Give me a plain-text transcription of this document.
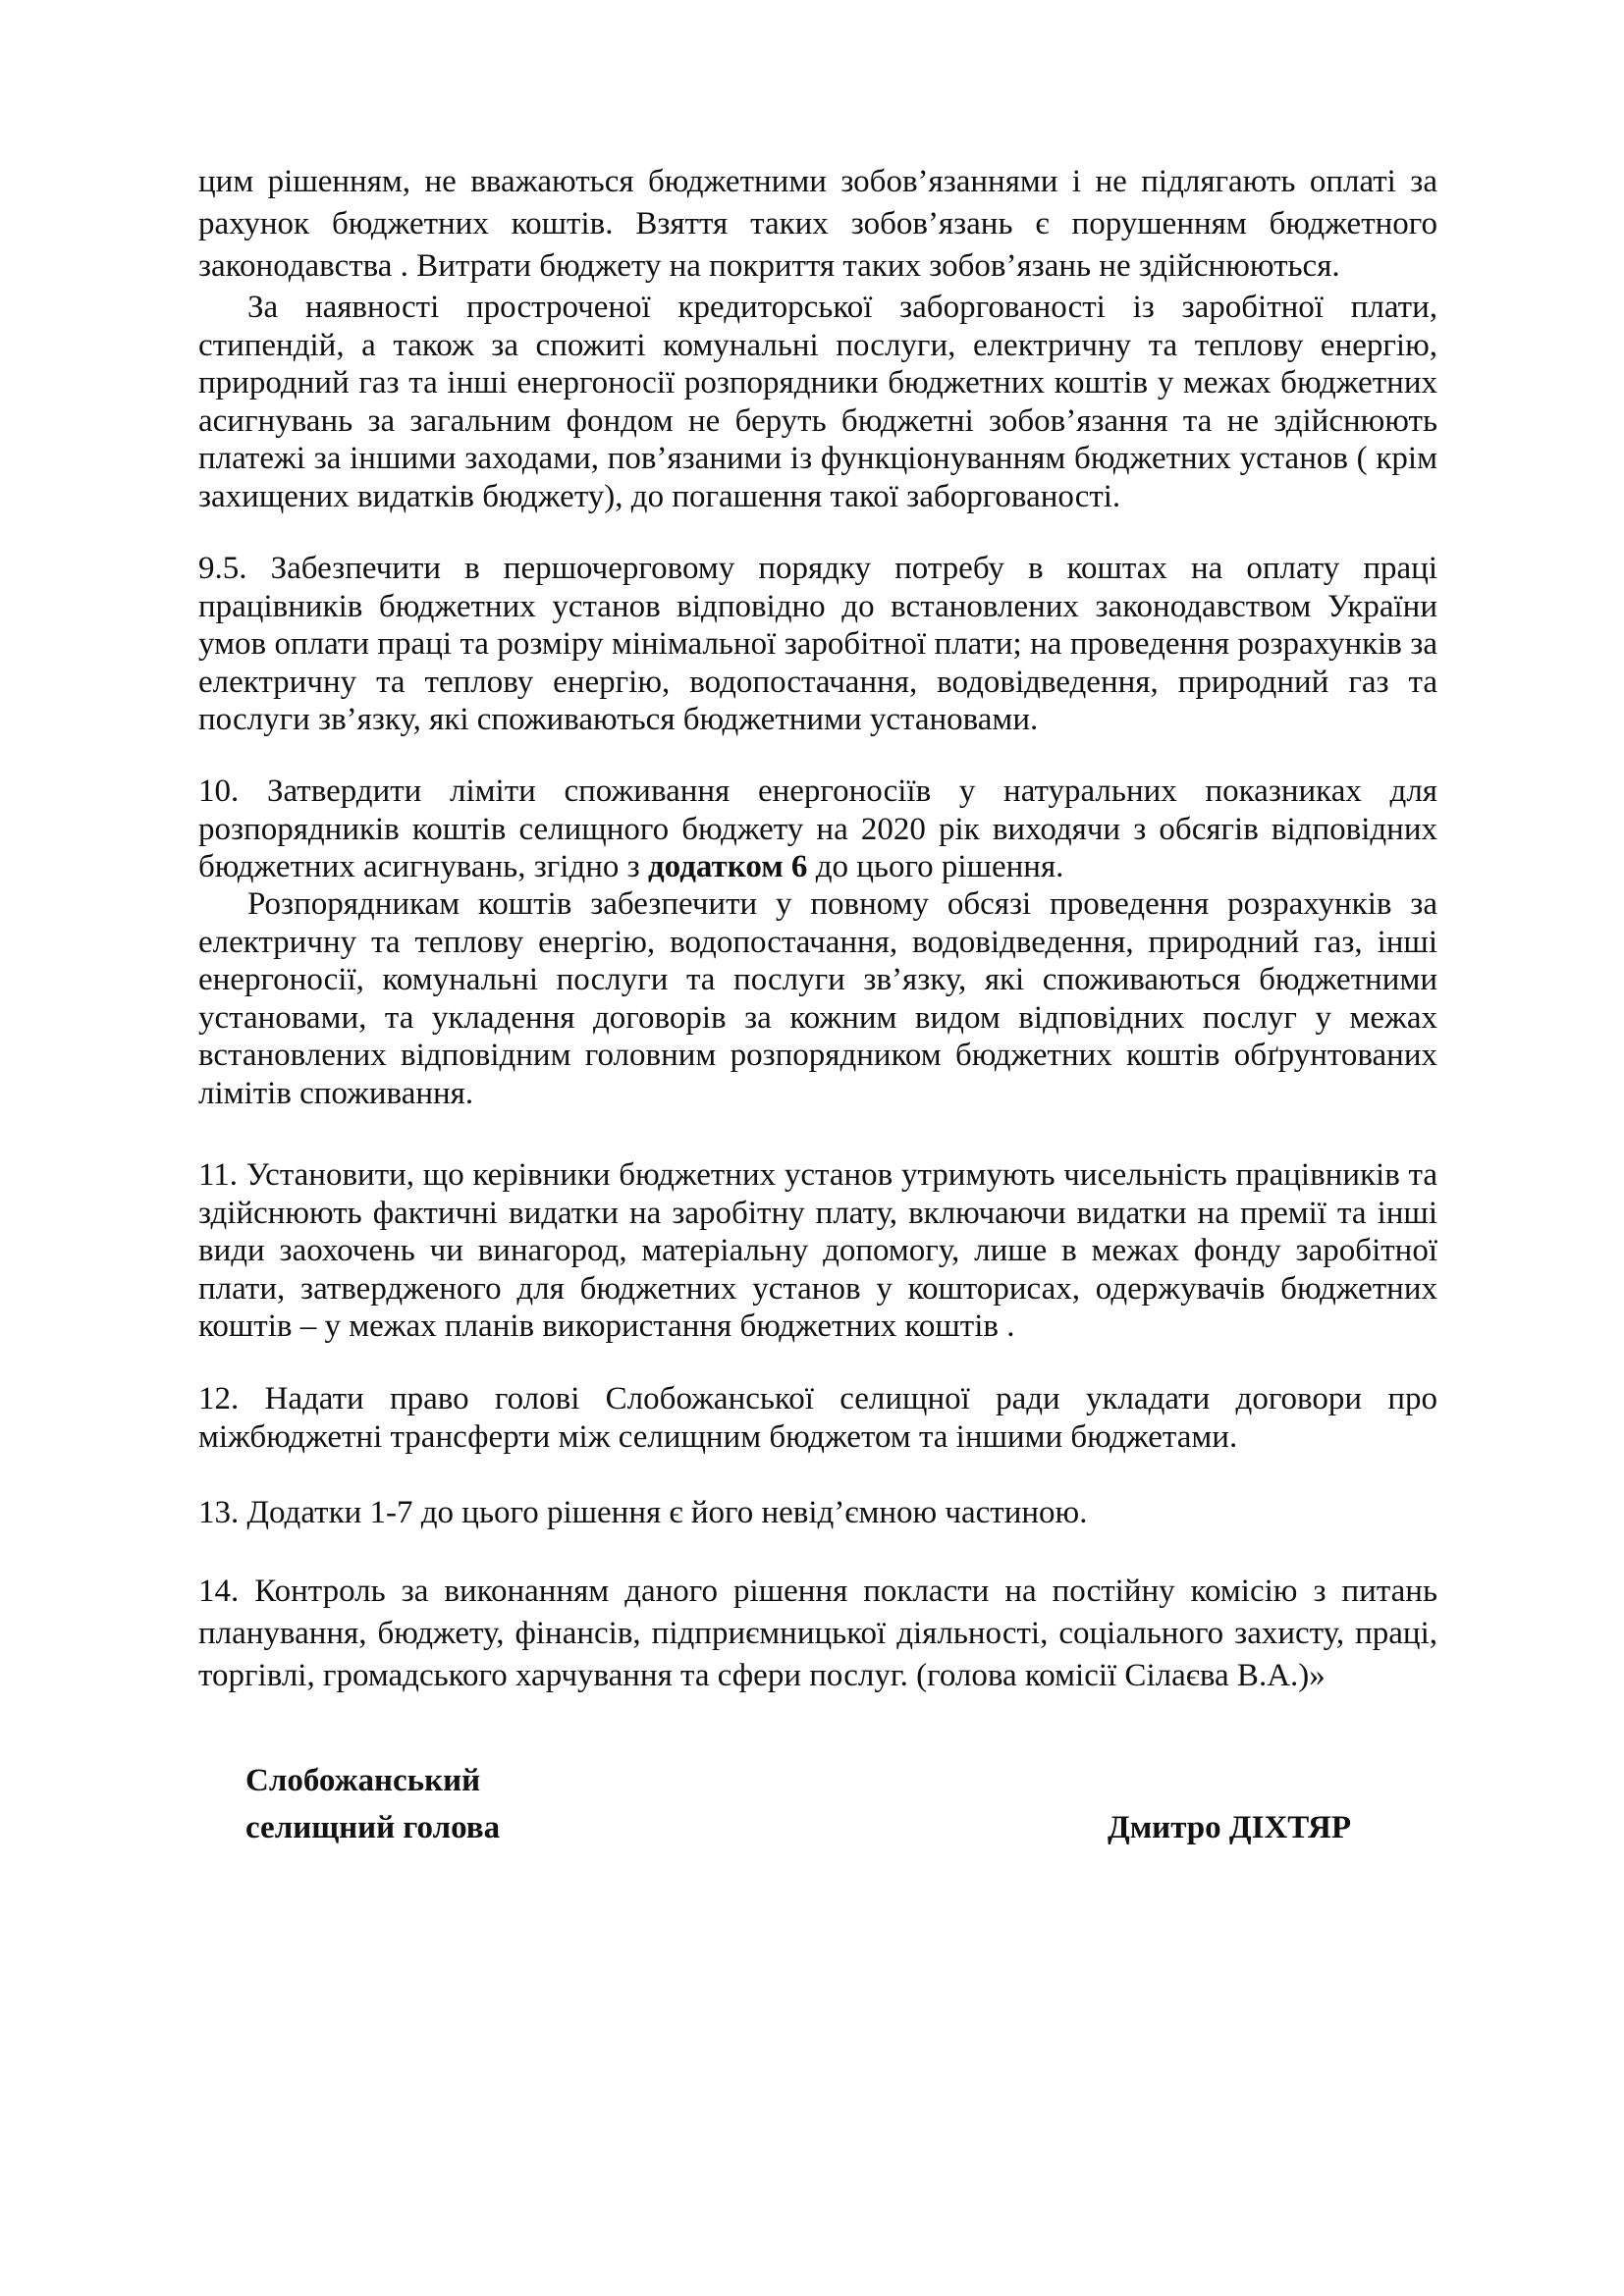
цим рішенням, не вважаються бюджетними зобов’язаннями і не підлягають оплаті за рахунок бюджетних коштів. Взяття таких зобов’язань є порушенням бюджетного законодавства . Витрати бюджету на покриття таких зобов’язань не здійснюються.

За наявності простроченої кредиторської заборгованості із заробітної плати, стипендій, а також за спожиті комунальні послуги, електричну та теплову енергію, природний газ та інші енергоносії розпорядники бюджетних коштів у межах бюджетних асигнувань за загальним фондом не беруть бюджетні зобов’язання та не здійснюють платежі за іншими заходами, пов’язаними із функціонуванням бюджетних установ ( крім захищених видатків бюджету), до погашення такої заборгованості.

9.5. Забезпечити в першочерговому порядку потребу в коштах на оплату праці працівників бюджетних установ відповідно до встановлених законодавством України умов оплати праці та розміру мінімальної заробітної плати; на проведення розрахунків за електричну та теплову енергію, водопостачання, водовідведення, природний газ та послуги зв’язку, які споживаються бюджетними установами.

10. Затвердити ліміти споживання енергоносіїв у натуральних показниках для розпорядників коштів селищного бюджету на 2020 рік виходячи з обсягів відповідних бюджетних асигнувань, згідно з додатком 6 до цього рішення.

Розпорядникам коштів забезпечити у повному обсязі проведення розрахунків за електричну та теплову енергію, водопостачання, водовідведення, природний газ, інші енергоносії, комунальні послуги та послуги зв’язку, які споживаються бюджетними установами, та укладення договорів за кожним видом відповідних послуг у межах встановлених відповідним головним розпорядником бюджетних коштів обґрунтованих лімітів споживання.

11. Установити, що керівники бюджетних установ утримують чисельність працівників та здійснюють фактичні видатки на заробітну плату, включаючи видатки на премії та інші види заохочень чи винагород, матеріальну допомогу, лише в межах фонду заробітної плати, затвердженого для бюджетних установ у кошторисах, одержувачів бюджетних коштів – у межах планів використання бюджетних коштів .

12. Надати право голові Слобожанської селищної ради укладати договори про міжбюджетні трансферти між селищним бюджетом та іншими бюджетами.

13. Додатки 1-7 до цього рішення є його невід’ємною частиною.

14. Контроль за виконанням даного рішення покласти на постійну комісію з питань планування, бюджету, фінансів, підприємницької діяльності, соціального захисту, праці, торгівлі, громадського харчування та сфери послуг. (голова комісії Сілаєва В.А.)»

Слобожанський
селищний голова	Дмитро ДІХТЯР
